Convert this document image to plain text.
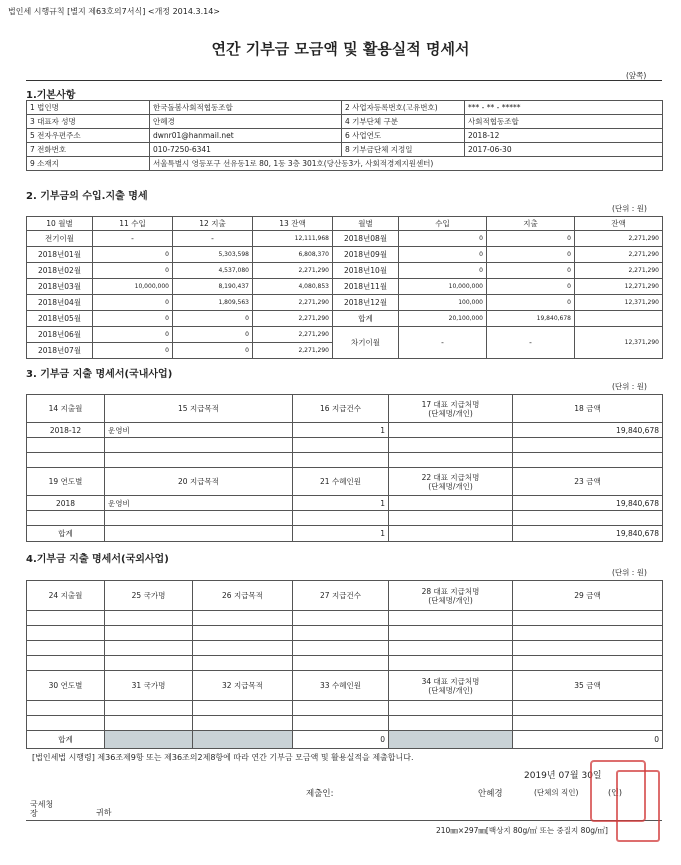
법인세 시행규칙 [별지 제63호의7서식] <개정 2014.3.14>
연간 기부금 모금액 및 활용실적 명세서
(앞쪽)
1.기본사항
1 법인명	한국돌봄사회적협동조합	2 사업자등록번호(고유번호)	*** - ** - *****
3 대표자 성명	안혜경	4 기부단체 구분	사회적협동조합
5 전자우편주소	dwnr01@hanmail.net	6 사업연도	2018-12
7 전화번호	010-7250-6341	8 기부금단체 지정일	2017-06-30
9 소재지	서울특별시 영등포구 선유동1로 80, 1동 3층 301호(당산동3가, 사회적경제지원센터)		
2. 기부금의 수입.지출 명세
(단위 : 원)
10 월별	11 수입	12 지출	13 잔액	월별	수입	지출	잔액
전기이월	-	-	12,111,968	2018년08월	0	0	2,271,290
2018년01월	0	5,303,598	6,808,370	2018년09월	0	0	2,271,290
2018년02월	0	4,537,080	2,271,290	2018년10월	0	0	2,271,290
2018년03월	10,000,000	8,190,437	4,080,853	2018년11월	10,000,000	0	12,271,290
2018년04월	0	1,809,563	2,271,290	2018년12월	100,000	0	12,371,290
2018년05월	0	0	2,271,290	합계	20,100,000	19,840,678	
2018년06월	0	0	2,271,290	차기이월	-	-	12,371,290
2018년07월	0	0	2,271,290				
3. 기부금 지출 명세서(국내사업)
(단위 : 원)
14 지출월	15 지급목적	16 지급건수	17 대표 지급처명
(단체명/개인)	18 금액
2018-12	운영비	1		19,840,678

19 연도별	20 지급목적	21 수혜인원	22 대표 지급처명
(단체명/개인)	23 금액
2018	운영비	1		19,840,678

합계		1		19,840,678
4.기부금 지출 명세서(국외사업)
(단위 : 원)
24 지출월	25 국가명	26 지급목적	27 지급건수	28 대표 지급처명
(단체명/개인)	29 금액

30 연도별	31 국가명	32 지급목적	33 수혜인원	34 대표 지급처명
(단체명/개인)	35 금액

합계			0		0
[법인세법 시행령] 제36조제9항 또는 제36조의2제8항에 따라 연간 기부금 모금액 및 활용실적을 제출합니다.
2019년 07월 30일
제출인:	안혜경	(단체의 직인)	(인)
국세청장	귀하
210㎜×297㎜[백상지 80g/㎡ 또는 중질지 80g/㎡]
